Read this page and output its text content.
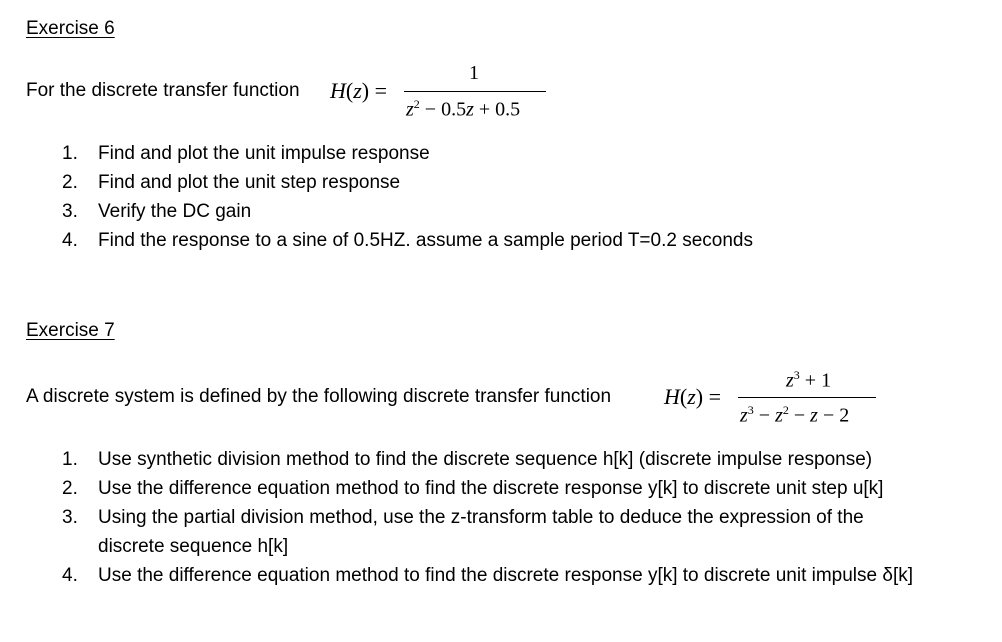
Exercise 6
For the discrete transfer function H(z) =
1
$z^2 - 0.5z + 0.5$
1. Find and plot the unit impulse response
2. Find and plot the unit step response
3. Verify the DC gain
4. Find the response to a sine of 0.5HZ. assume a sample period T=0.2 seconds
Exercise 7
A discrete system is defined by the following discrete transfer function H(z) =
$z^3 + 1$
$z^3 - z^2 - z - 2$
1. Use synthetic division method to find the discrete sequence h[k] (discrete impulse response)
2. Use the difference equation method to find the discrete response y[k] to discrete unit step u[k]
3. Using the partial division method, use the z-transform table to deduce the expression of the
discrete sequence h[k]
4. Use the difference equation method to find the discrete response y[k] to discrete unit impulse δ[k]
